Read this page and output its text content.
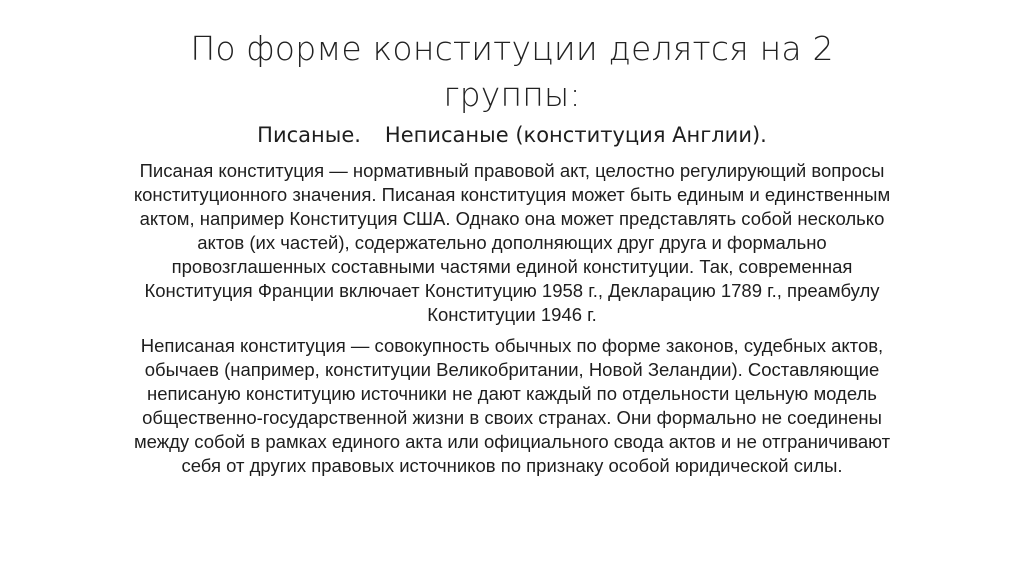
По форме конституции делятся на 2 группы:
Писаные. Неписаные (конституция Англии).

Писаная конституция — нормативный правовой акт, целостно регулирующий вопросы конституционного значения. Писаная конституция может быть единым и единственным актом, например Конституция США. Однако она может представлять собой несколько актов (их частей), содержательно дополняющих друг друга и формально провозглашенных составными частями единой конституции. Так, современная Конституция Франции включает Конституцию 1958 г., Декларацию 1789 г., преамбулу Конституции 1946 г.

Неписаная конституция — совокупность обычных по форме законов, судебных актов, обычаев (например, конституции Великобритании, Новой Зеландии). Составляющие неписаную конституцию источники не дают каждый по отдельности цельную модель общественно-государственной жизни в своих странах. Они формально не соединены между собой в рамках единого акта или официального свода актов и не отграничивают себя от других правовых источников по признаку особой юридической силы.
